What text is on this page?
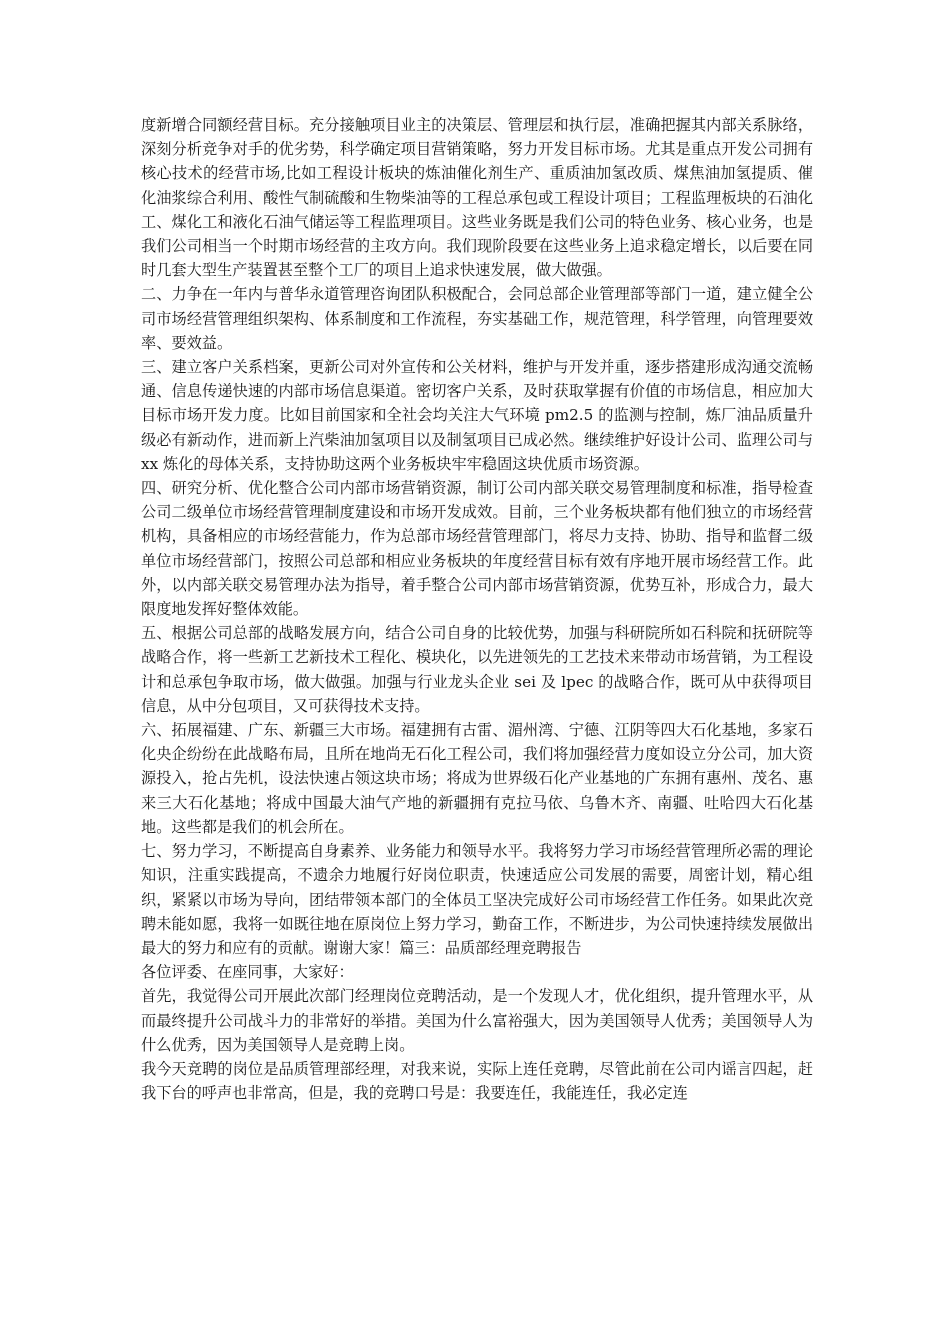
度新增合同额经营目标。充分接触项目业主的决策层、管理层和执行层，准确把握其内部关系脉络，深刻分析竞争对手的优劣势，科学确定项目营销策略，努力开发目标市场。尤其是重点开发公司拥有核心技术的经营市场,比如工程设计板块的炼油催化剂生产、重质油加氢改质、煤焦油加氢提质、催化油浆综合利用、酸性气制硫酸和生物柴油等的工程总承包或工程设计项目；工程监理板块的石油化工、煤化工和液化石油气储运等工程监理项目。这些业务既是我们公司的特色业务、核心业务，也是我们公司相当一个时期市场经营的主攻方向。我们现阶段要在这些业务上追求稳定增长，以后要在同时几套大型生产装置甚至整个工厂的项目上追求快速发展，做大做强。

二、力争在一年内与普华永道管理咨询团队积极配合，会同总部企业管理部等部门一道，建立健全公司市场经营管理组织架构、体系制度和工作流程，夯实基础工作，规范管理，科学管理，向管理要效率、要效益。

三、建立客户关系档案，更新公司对外宣传和公关材料，维护与开发并重，逐步搭建形成沟通交流畅通、信息传递快速的内部市场信息渠道。密切客户关系，及时获取掌握有价值的市场信息，相应加大目标市场开发力度。比如目前国家和全社会均关注大气环境 pm2.5 的监测与控制，炼厂油品质量升级必有新动作，进而新上汽柴油加氢项目以及制氢项目已成必然。继续维护好设计公司、监理公司与 xx 炼化的母体关系，支持协助这两个业务板块牢牢稳固这块优质市场资源。

四、研究分析、优化整合公司内部市场营销资源，制订公司内部关联交易管理制度和标准，指导检查公司二级单位市场经营管理制度建设和市场开发成效。目前，三个业务板块都有他们独立的市场经营机构，具备相应的市场经营能力，作为总部市场经营管理部门，将尽力支持、协助、指导和监督二级单位市场经营部门，按照公司总部和相应业务板块的年度经营目标有效有序地开展市场经营工作。此外，以内部关联交易管理办法为指导，着手整合公司内部市场营销资源，优势互补，形成合力，最大限度地发挥好整体效能。

五、根据公司总部的战略发展方向，结合公司自身的比较优势，加强与科研院所如石科院和抚研院等战略合作，将一些新工艺新技术工程化、模块化，以先进领先的工艺技术来带动市场营销，为工程设计和总承包争取市场，做大做强。加强与行业龙头企业 sei 及 lpec 的战略合作，既可从中获得项目信息，从中分包项目，又可获得技术支持。

六、拓展福建、广东、新疆三大市场。福建拥有古雷、湄州湾、宁德、江阴等四大石化基地，多家石化央企纷纷在此战略布局，且所在地尚无石化工程公司，我们将加强经营力度如设立分公司，加大资源投入，抢占先机，设法快速占领这块市场；将成为世界级石化产业基地的广东拥有惠州、茂名、惠来三大石化基地；将成中国最大油气产地的新疆拥有克拉马依、乌鲁木齐、南疆、吐哈四大石化基地。这些都是我们的机会所在。

七、努力学习，不断提高自身素养、业务能力和领导水平。我将努力学习市场经营管理所必需的理论知识，注重实践提高，不遗余力地履行好岗位职责，快速适应公司发展的需要，周密计划，精心组织，紧紧以市场为导向，团结带领本部门的全体员工坚决完成好公司市场经营工作任务。如果此次竞聘未能如愿，我将一如既往地在原岗位上努力学习，勤奋工作，不断进步，为公司快速持续发展做出最大的努力和应有的贡献。谢谢大家！篇三：品质部经理竞聘报告

各位评委、在座同事，大家好：

首先，我觉得公司开展此次部门经理岗位竞聘活动，是一个发现人才，优化组织，提升管理水平，从而最终提升公司战斗力的非常好的举措。美国为什么富裕强大，因为美国领导人优秀；美国领导人为什么优秀，因为美国领导人是竞聘上岗。

我今天竞聘的岗位是品质管理部经理，对我来说，实际上连任竞聘，尽管此前在公司内谣言四起，赶我下台的呼声也非常高，但是，我的竞聘口号是：我要连任，我能连任，我必定连
